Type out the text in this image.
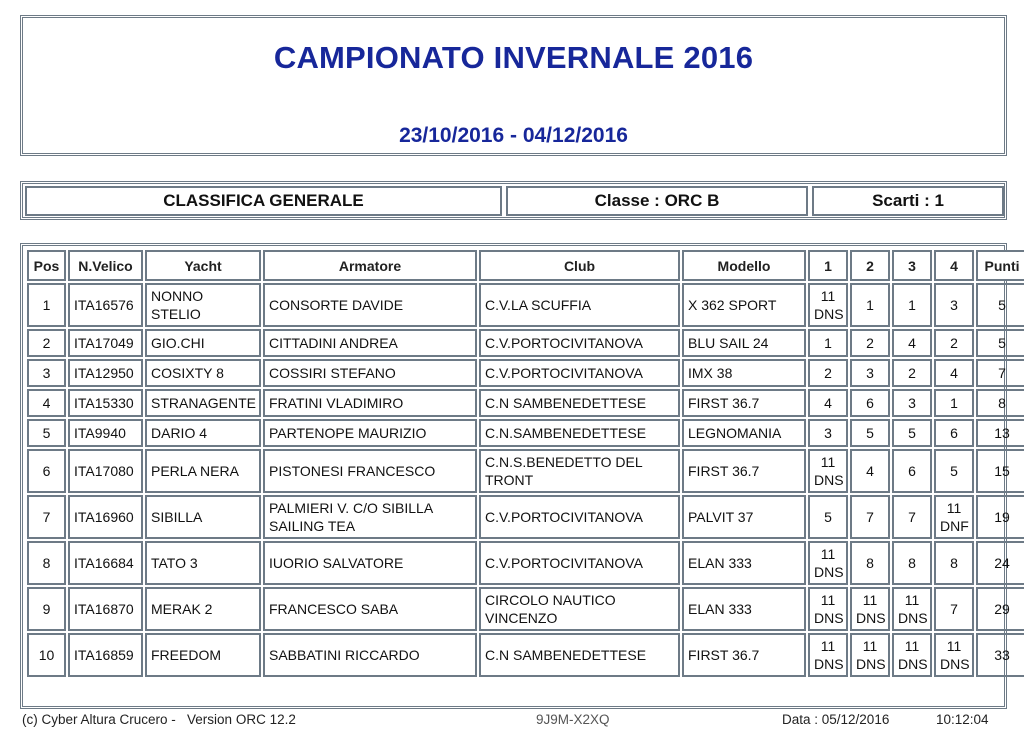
CAMPIONATO INVERNALE 2016
23/10/2016 - 04/12/2016
CLASSIFICA GENERALE	Classe : ORC B	Scarti : 1
Pos	N.Velico	Yacht	Armatore	Club	Modello	1	2	3	4	Punti
1	ITA16576	NONNO STELIO	CONSORTE DAVIDE	C.V.LA SCUFFIA	X 362 SPORT	11 DNS	1	1	3	5
2	ITA17049	GIO.CHI	CITTADINI ANDREA	C.V.PORTOCIVITANOVA	BLU SAIL 24	1	2	4	2	5
3	ITA12950	COSIXTY 8	COSSIRI STEFANO	C.V.PORTOCIVITANOVA	IMX 38	2	3	2	4	7
4	ITA15330	STRANAGENTE	FRATINI VLADIMIRO	C.N SAMBENEDETTESE	FIRST 36.7	4	6	3	1	8
5	ITA9940	DARIO 4	PARTENOPE MAURIZIO	C.N.SAMBENEDETTESE	LEGNOMANIA	3	5	5	6	13
6	ITA17080	PERLA NERA	PISTONESI FRANCESCO	C.N.S.BENEDETTO DEL TRONT	FIRST 36.7	11 DNS	4	6	5	15
7	ITA16960	SIBILLA	PALMIERI V. C/O SIBILLA SAILING TEA	C.V.PORTOCIVITANOVA	PALVIT 37	5	7	7	11 DNF	19
8	ITA16684	TATO 3	IUORIO SALVATORE	C.V.PORTOCIVITANOVA	ELAN 333	11 DNS	8	8	8	24
9	ITA16870	MERAK 2	FRANCESCO SABA	CIRCOLO NAUTICO VINCENZO	ELAN 333	11 DNS	11 DNS	11 DNS	7	29
10	ITA16859	FREEDOM	SABBATINI RICCARDO	C.N SAMBENEDETTESE	FIRST 36.7	11 DNS	11 DNS	11 DNS	11 DNS	33
(c) Cyber Altura Crucero -   Version ORC 12.2	9J9M-X2XQ	Data : 05/12/2016	10:12:04
